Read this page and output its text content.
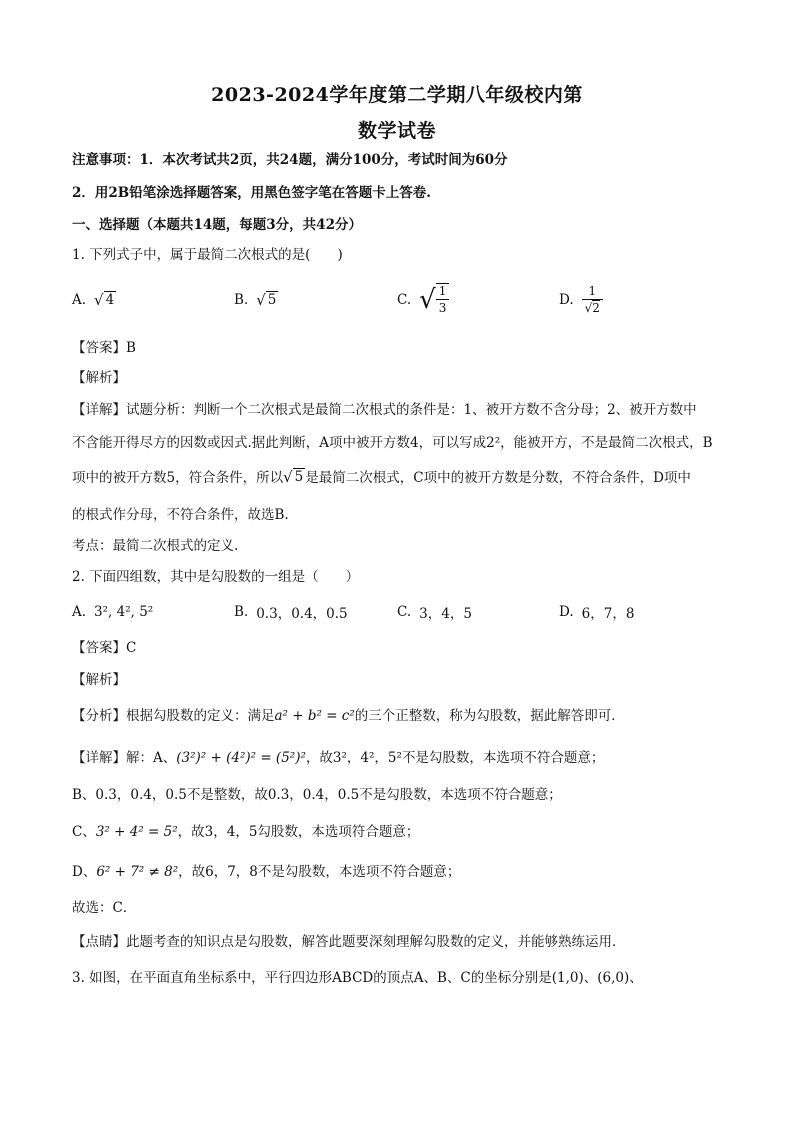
2023-2024学年度第二学期八年级校内第
数学试卷
注意事项：1．本次考试共2页，共24题，满分100分，考试时间为60分
2．用2B铅笔涂选择题答案，用黑色签字笔在答题卡上答卷.
一、选择题（本题共14题，每题3分，共42分）
1. 下列式子中，属于最简二次根式的是(　　)
A. √ 4	B. √ 5	C. √ $\frac{1}{3}$	D. $\frac{1}{√2}$
【答案】B
【解析】
【详解】试题分析：判断一个二次根式是最简二次根式的条件是：1、被开方数不含分母；2、被开方数中
不含能开得尽方的因数或因式.据此判断，A项中被开方数4，可以写成2²，能被开方，不是最简二次根式，B
项中的被开方数5，符合条件，所以 √ 5 是最简二次根式，C项中的被开方数是分数，不符合条件，D项中
的根式作分母，不符合条件，故选B.
考点：最简二次根式的定义.
2. 下面四组数，其中是勾股数的一组是（　　）
A. 3², 4², 5²	B. 0.3，0.4，0.5	C. 3，4，5	D. 6，7，8
【答案】C
【解析】
【分析】根据勾股数的定义：满足a² + b² = c²的三个正整数，称为勾股数，据此解答即可．
【详解】解：A、(3²)² + (4²)² = (5²)²，故3²，4²，5²不是勾股数，本选项不符合题意；
B、0.3，0.4，0.5不是整数，故0.3，0.4，0.5不是勾股数，本选项不符合题意；
C、3² + 4² = 5²，故3，4，5勾股数，本选项符合题意；
D、6² + 7² ≠ 8²，故6，7，8不是勾股数，本选项不符合题意；
故选：C．
【点睛】此题考查的知识点是勾股数，解答此题要深刻理解勾股数的定义，并能够熟练运用．
3. 如图，在平面直角坐标系中，平行四边形ABCD的顶点A、B、C的坐标分别是(1,0)、(6,0)、
